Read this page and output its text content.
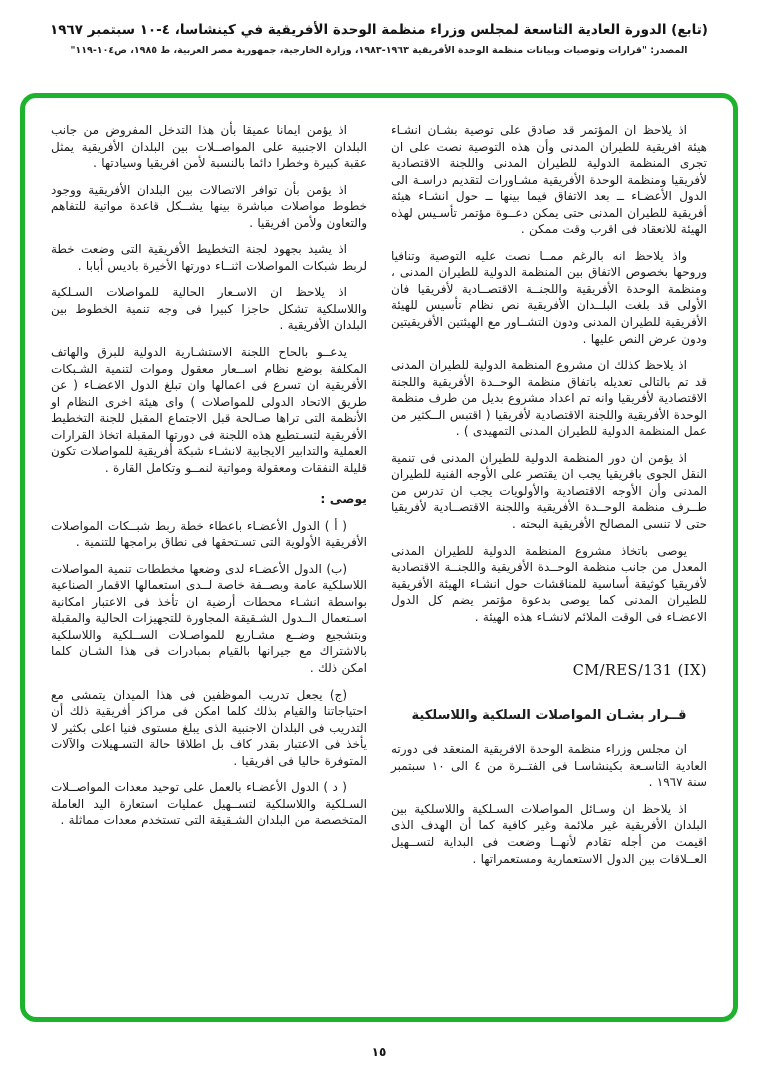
(تابع) الدورة العادية التاسعة لمجلس وزراء منظمة الوحدة الأفريقية في كينشاسا، ٤-١٠ سبتمبر ١٩٦٧
المصدر: "قرارات وتوصيات وبيانات منظمة الوحدة الأفريقية ١٩٦٣-١٩٨٣، وزارة الخارجية، جمهورية مصر العربية، ط ١٩٨٥، ص١٠٤-١١٩"

اذ يلاحظ ان المؤتمر قد صادق على توصية بشـان انشـاء هيئة افريقية للطيران المدنى وأن هذه التوصية نصت على ان تجرى المنظمة الدولية للطيران المدنى واللجنة الاقتصادية لأفريقيا ومنظمة الوحدة الأفريقية مشـاورات لتقديم دراسـة الى الدول الأعضـاء ــ بعد الاتفاق فيما بينها ــ حول انشـاء هيئة أفريقية للطيران المدنى حتى يمكن دعــوة مؤتمر تأسـيس لهذه الهيئة للانعقاد فى اقرب وقت ممكن .

واذ يلاحظ انه بالرغم ممــا نصت عليه التوصية وتنافيا وروحها بخصوص الاتفاق بين المنظمة الدولية للطيران المدنى ، ومنظمة الوحدة الأفريقية واللجنــة الاقتصــادية لأفريقيا فان الأولى قد بلغت البلــدان الأفريقية نص نظام تأسيس للهيئة الأفريقية للطيران المدنى ودون التشــاور مع الهيئتين الأفريقيتين ودون عرض النص عليها .

اذ يلاحظ كذلك ان مشروع المنظمة الدولية للطيران المدنى قد تم بالتالى تعديله باتفاق منظمة الوحــدة الأفريقية واللجنة الاقتصادية لأفريقيا وانه تم اعداد مشروع بديل من طرف منظمة الوحدة الأفريقية واللجنة الاقتصادية لأفريقيا ( اقتبس الــكثير من عمل المنظمة الدولية للطيران المدنى التمهيدى ) .

اذ يؤمن ان دور المنظمة الدولية للطيران المدنى فى تنمية النقل الجوى بافريقيا يجب ان يقتصر على الأوجه الفنية للطيران المدنى وأن الأوجه الاقتصادية والأولويات يجب ان تدرس من طــرف منظمة الوحــدة الأفريقية واللجنة الاقتصــادية لأفريقيا حتى لا تنسى المصالح الأفريقية البحته .

يوصى باتخاذ مشروع المنظمة الدولية للطيران المدنى المعدل من جانب منظمة الوحــدة الأفريقية واللجنــة الاقتصادية لأفريقيا كوثيقة أساسية للمناقشات حول انشـاء الهيئة الأفريقية للطيران المدنى كما يوصى بدعوة مؤتمر يضم كل الدول الاعضـاء فى الوقت الملائم لانشـاء هذه الهيئة .

CM/RES/131 (IX)
قــرار بشـان المواصلات السلكية واللاسلكية

ان مجلس وزراء منظمة الوحدة الافريقية المنعقد فى دورته العادية التاسـعة بكينشاسـا فى الفتــرة من ٤ الى ١٠ سبتمبر سنة ١٩٦٧ .

اذ يلاحظ ان وسـائل المواصلات السـلكية واللاسلكية بين البلدان الأفريقية غير ملائمة وغير كافية كما أن الهدف الذى اقيمت من أجله تقادم لأنهــا وضعت فى البداية لتســهيل العــلاقات بين الدول الاستعمارية ومستعمراتها .

اذ يؤمن ايمانا عميقا بأن هذا التدخل المفروض من جانب البلدان الاجنبية على المواصــلات بين البلدان الأفريقية يمثل عقبة كبيرة وخطرا دائما بالنسبة لأمن افريقيا وسيادتها .

اذ يؤمن بأن توافر الاتصالات بين البلدان الأفريقية ووجود خطوط مواصلات مباشرة بينها يشــكل قاعدة مواتية للتفاهم والتعاون ولأمن افريقيا .

اذ يشيد بجهود لجنة التخطيط الأفريقية التى وضعت خطة لربط شبكات المواصلات اثنــاء دورتها الأخيرة باديس أبابا .

اذ يلاحظ ان الاسـعار الحالية للمواصلات السـلكية واللاسلكية تشكل حاجزا كبيرا فى وجه تنمية الخطوط بين البلدان الأفريقية .

يدعــو بالحاح اللجنة الاستشـارية الدولية للبرق والهاتف المكلفة بوضع نظام اســعار معقول وموات لتنمية الشـبكات الأفريقية ان تسرع فى اعمالها وان تبلغ الدول الاعضـاء ( عن طريق الاتحاد الدولى للمواصلات ) واى هيئة اخرى النظام او الأنظمة التى تراها صـالحة قبل الاجتماع المقبل للجنة التخطيط الأفريقية لتسـتطيع هذه اللجنة فى دورتها المقبلة اتخاذ القرارات العملية والتدابير الايجابية لانشـاء شبكة أفريقية للمواصلات تكون قليلة النفقات ومعقولة ومواتية لنمــو وتكامل القارة .

يوصى :

( أ ) الدول الأعضـاء باعطاء خطة ربط شبــكات المواصلات الأفريقية الأولوية التى تسـتحقها فى نطاق برامجها للتنمية .

(ب) الدول الأعضـاء لدى وضعها مخططات تنمية المواصلات اللاسلكية عامة وبصــفة خاصة لــدى استعمالها الاقمار الصناعية بواسطة انشـاء محطات أرضية ان تأخذ فى الاعتبار امكانية اسـتعمال الــدول الشـقيقة المجاورة للتجهيزات الحالية والمقبلة وبتشجيع وضــع مشـاريع للمواصـلات الســلكية واللاسلكية بالاشتراك مع جيرانها بالقيام بمبادرات فى هذا الشـان كلما امكن ذلك .

(ج) يجعل تدريب الموظفين فى هذا الميدان يتمشى مع احتياجاتنا والقيام بذلك كلما امكن فى مراكز أفريقية ذلك أن التدريب فى البلدان الاجنبية الذى يبلغ مستوى فنيا اعلى بكثير لا يأخذ فى الاعتبار بقدر كاف بل اطلاقا حالة التسـهيلات والآلات المتوفرة حاليا فى افريقيا .

( د ) الدول الأعضـاء بالعمل على توحيد معدات المواصــلات السـلكية واللاسلكية لتســهيل عمليات استعارة اليد العاملة المتخصصة من البلدان الشـقيقة التى تستخدم معدات مماثلة .

١٥
